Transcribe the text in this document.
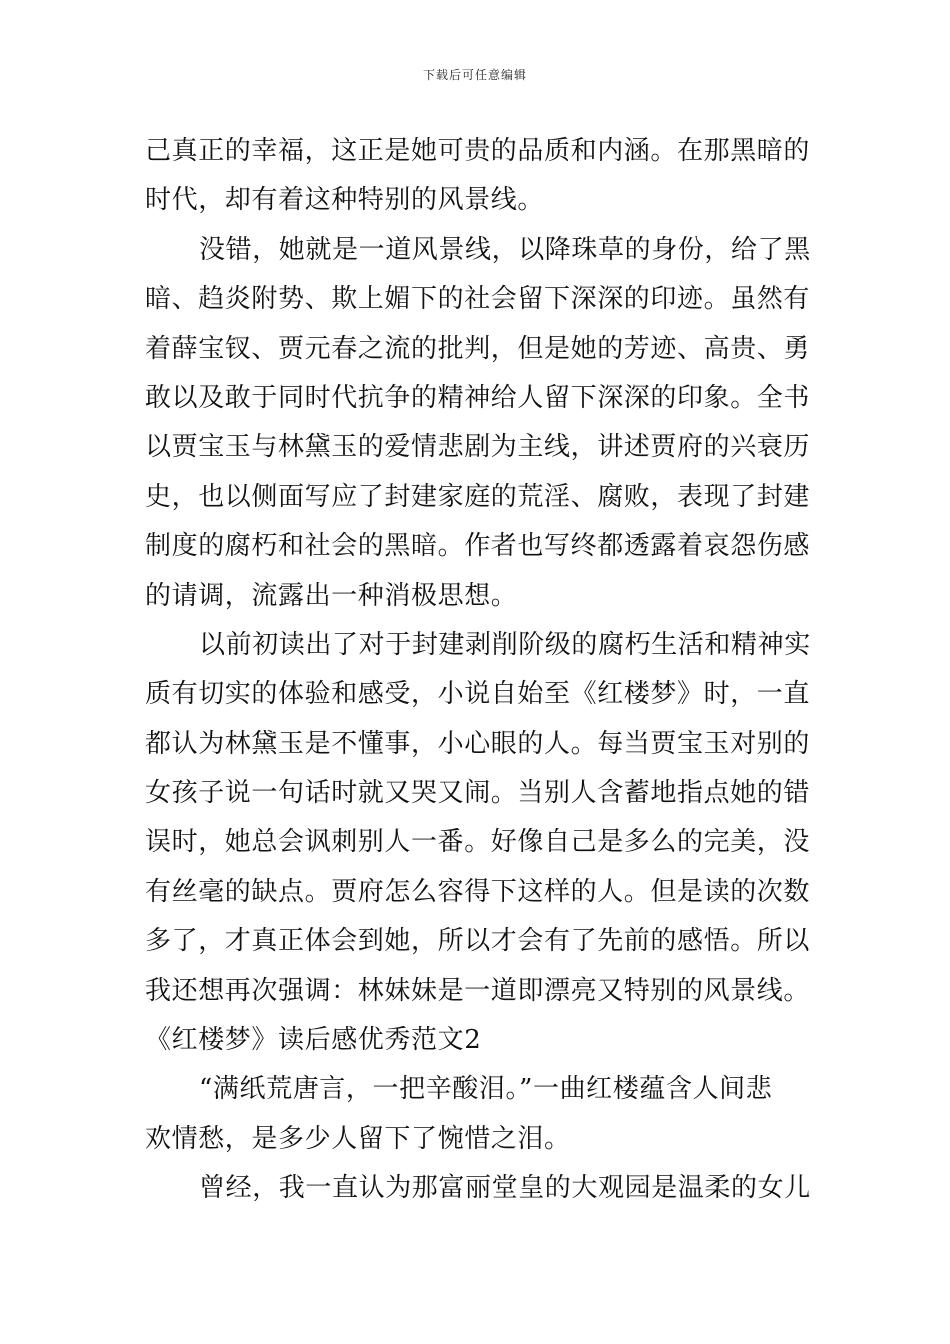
下载后可任意编辑
己真正的幸福，这正是她可贵的品质和内涵。在那黑暗的
时代，却有着这种特别的风景线。
没错，她就是一道风景线，以降珠草的身份，给了黑
暗、趋炎附势、欺上媚下的社会留下深深的印迹。虽然有
着薛宝钗、贾元春之流的批判，但是她的芳迹、高贵、勇
敢以及敢于同时代抗争的精神给人留下深深的印象。全书
以贾宝玉与林黛玉的爱情悲剧为主线，讲述贾府的兴衰历
史，也以侧面写应了封建家庭的荒淫、腐败，表现了封建
制度的腐朽和社会的黑暗。作者也写终都透露着哀怨伤感
的请调，流露出一种消极思想。
以前初读出了对于封建剥削阶级的腐朽生活和精神实
质有切实的体验和感受，小说自始至《红楼梦》时，一直
都认为林黛玉是不懂事，小心眼的人。每当贾宝玉对别的
女孩子说一句话时就又哭又闹。当别人含蓄地指点她的错
误时，她总会讽刺别人一番。好像自己是多么的完美，没
有丝毫的缺点。贾府怎么容得下这样的人。但是读的次数
多了，才真正体会到她，所以才会有了先前的感悟。所以
我还想再次强调：林妹妹是一道即漂亮又特别的风景线。
《红楼梦》读后感优秀范文2
“满纸荒唐言，一把辛酸泪。”一曲红楼蕴含人间悲
欢情愁，是多少人留下了惋惜之泪。
曾经，我一直认为那富丽堂皇的大观园是温柔的女儿
